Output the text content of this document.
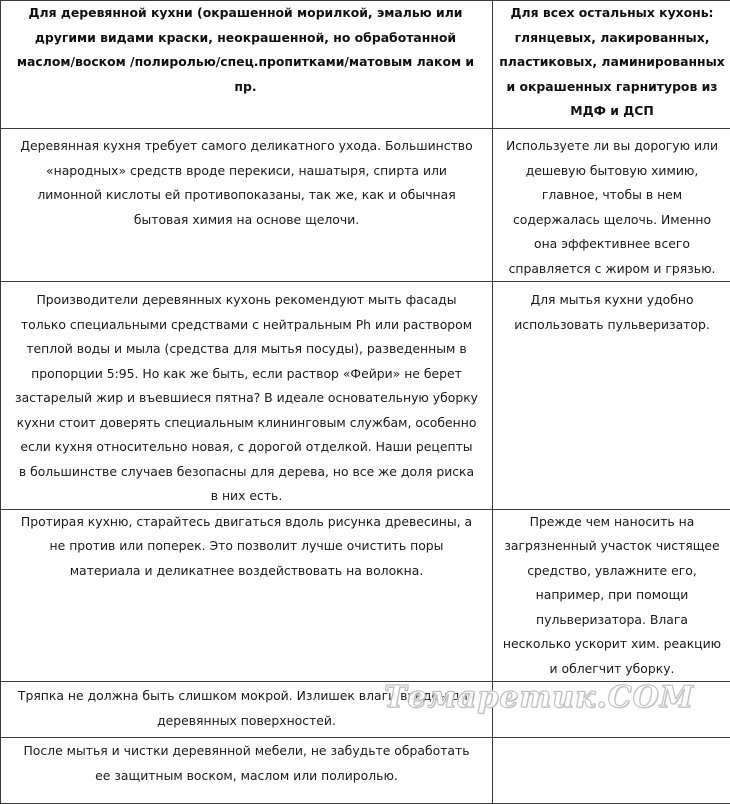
Для деревянной кухни (окрашенной морилкой, эмалью или другими видами краски, неокрашенной, но обработанной маслом/воском /полиролью/спец.пропитками/матовым лаком и пр.	Для всех остальных кухонь: глянцевых, лакированных, пластиковых, ламинированных и окрашенных гарнитуров из МДФ и ДСП

Деревянная кухня требует самого деликатного ухода. Большинство «народных» средств вроде перекиси, нашатыря, спирта или лимонной кислоты ей противопоказаны, так же, как и обычная бытовая химия на основе щелочи.	Используете ли вы дорогую или дешевую бытовую химию, главное, чтобы в нем содержалась щелочь. Именно она эффективнее всего справляется с жиром и грязью.

Производители деревянных кухонь рекомендуют мыть фасады только специальными средствами с нейтральным Ph или раствором теплой воды и мыла (средства для мытья посуды), разведенным в пропорции 5:95. Но как же быть, если раствор «Фейри» не берет застарелый жир и въевшиеся пятна? В идеале основательную уборку кухни стоит доверять специальным клининговым службам, особенно если кухня относительно новая, с дорогой отделкой. Наши рецепты в большинстве случаев безопасны для дерева, но все же доля риска в них есть.	Для мытья кухни удобно использовать пульверизатор.

Протирая кухню, старайтесь двигаться вдоль рисунка древесины, а не против или поперек. Это позволит лучше очистить поры материала и деликатнее воздействовать на волокна.	Прежде чем наносить на загрязненный участок чистящее средство, увлажните его, например, при помощи пульверизатора. Влага несколько ускорит хим. реакцию и облегчит уборку.

Тряпка не должна быть слишком мокрой. Излишек влаги вреден для деревянных поверхностей.	

После мытья и чистки деревянной мебели, не забудьте обработать ее защитным воском, маслом или полиролью.	

Темаретик.СОМ
